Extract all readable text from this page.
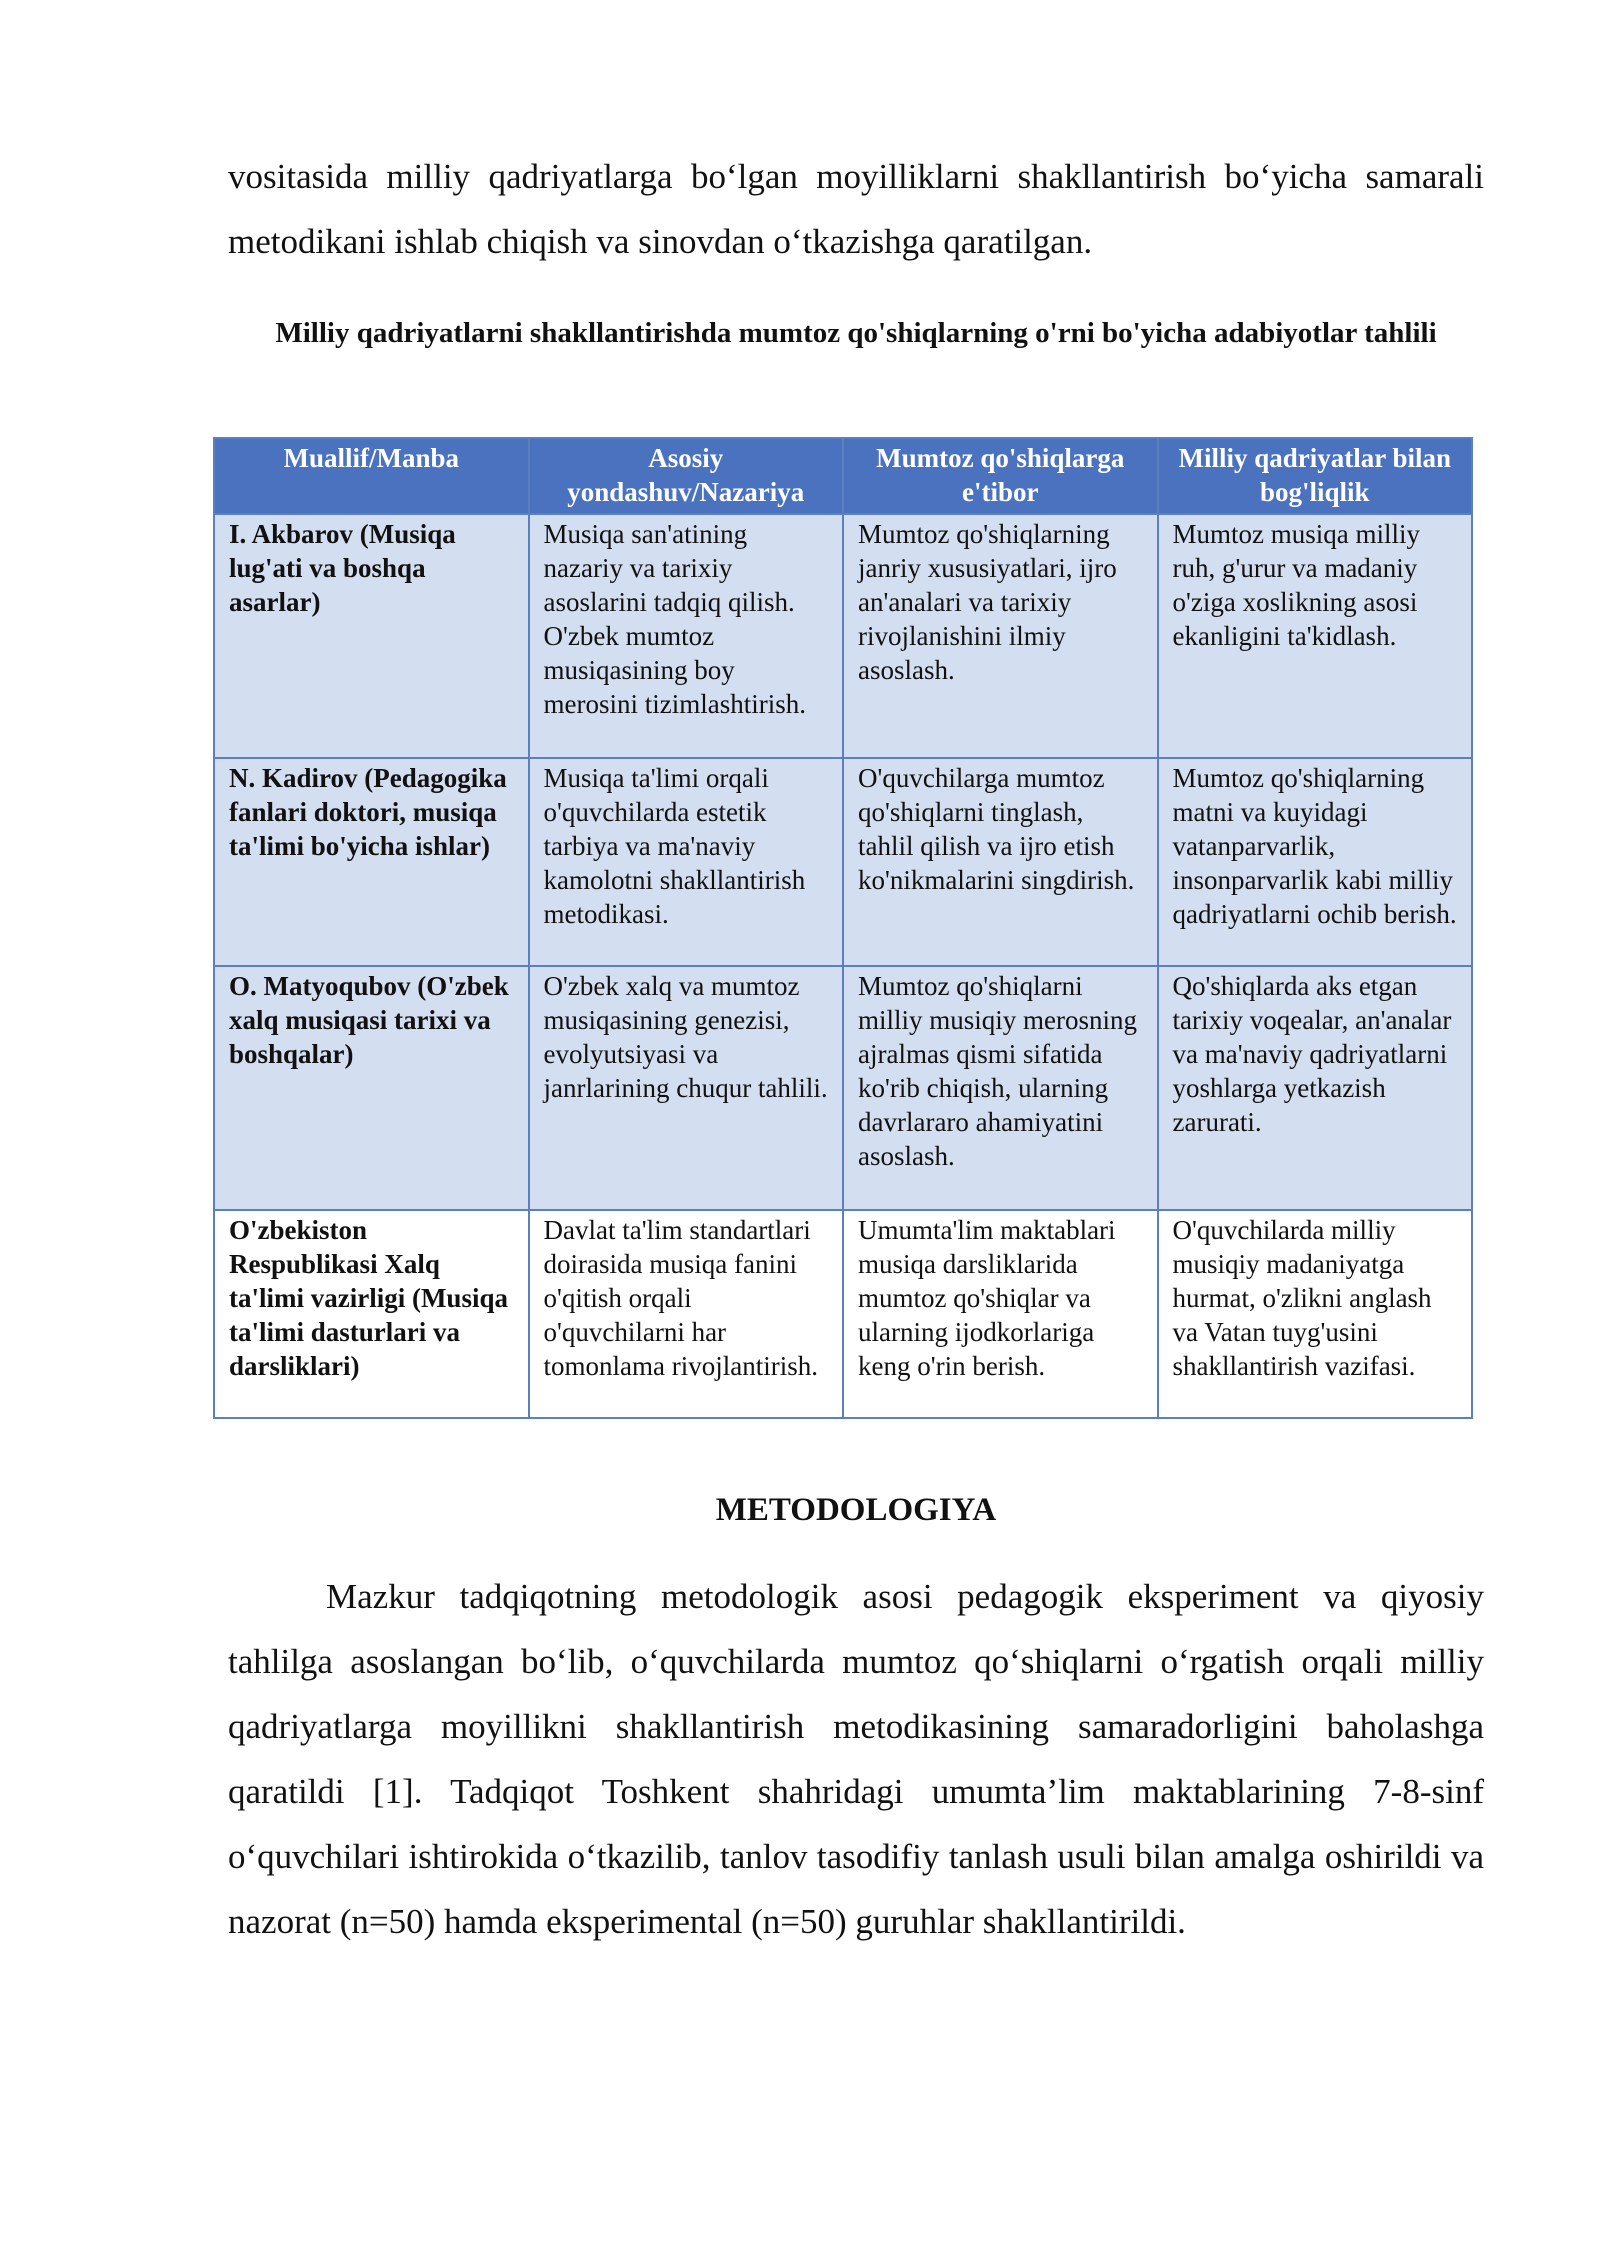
vositasida milliy qadriyatlarga bo‘lgan moyilliklarni shakllantirish bo‘yicha samarali metodikani ishlab chiqish va sinovdan o‘tkazishga qaratilgan.

Milliy qadriyatlarni shakllantirishda mumtoz qo'shiqlarning o'rni bo'yicha adabiyotlar tahlili

Muallif/Manba	Asosiy yondashuv/Nazariya	Mumtoz qo'shiqlarga e'tibor	Milliy qadriyatlar bilan bog'liqlik
I. Akbarov (Musiqa lug'ati va boshqa asarlar)	Musiqa san'atining nazariy va tarixiy asoslarini tadqiq qilish. O'zbek mumtoz musiqasining boy merosini tizimlashtirish.	Mumtoz qo'shiqlarning janriy xususiyatlari, ijro an'analari va tarixiy rivojlanishini ilmiy asoslash.	Mumtoz musiqa milliy ruh, g'urur va madaniy o'ziga xoslikning asosi ekanligini ta'kidlash.
N. Kadirov (Pedagogika fanlari doktori, musiqa ta'limi bo'yicha ishlar)	Musiqa ta'limi orqali o'quvchilarda estetik tarbiya va ma'naviy kamolotni shakllantirish metodikasi.	O'quvchilarga mumtoz qo'shiqlarni tinglash, tahlil qilish va ijro etish ko'nikmalarini singdirish.	Mumtoz qo'shiqlarning matni va kuyidagi vatanparvarlik, insonparvarlik kabi milliy qadriyatlarni ochib berish.
O. Matyoqubov (O'zbek xalq musiqasi tarixi va boshqalar)	O'zbek xalq va mumtoz musiqasining genezisi, evolyutsiyasi va janrlarining chuqur tahlili.	Mumtoz qo'shiqlarni milliy musiqiy merosning ajralmas qismi sifatida ko'rib chiqish, ularning davrlararo ahamiyatini asoslash.	Qo'shiqlarda aks etgan tarixiy voqealar, an'analar va ma'naviy qadriyatlarni yoshlarga yetkazish zarurati.
O'zbekiston Respublikasi Xalq ta'limi vazirligi (Musiqa ta'limi dasturlari va darsliklari)	Davlat ta'lim standartlari doirasida musiqa fanini o'qitish orqali o'quvchilarni har tomonlama rivojlantirish.	Umumta'lim maktablari musiqa darsliklarida mumtoz qo'shiqlar va ularning ijodkorlariga keng o'rin berish.	O'quvchilarda milliy musiqiy madaniyatga hurmat, o'zlikni anglash va Vatan tuyg'usini shakllantirish vazifasi.
METODOLOGIYA

Mazkur tadqiqotning metodologik asosi pedagogik eksperiment va qiyosiy tahlilga asoslangan bo‘lib, o‘quvchilarda mumtoz qo‘shiqlarni o‘rgatish orqali milliy qadriyatlarga moyillikni shakllantirish metodikasining samaradorligini baholashga qaratildi [1]. Tadqiqot Toshkent shahridagi umumta’lim maktablarining 7-8-sinf o‘quvchilari ishtirokida o‘tkazilib, tanlov tasodifiy tanlash usuli bilan amalga oshirildi va nazorat (n=50) hamda eksperimental (n=50) guruhlar shakllantirildi.
